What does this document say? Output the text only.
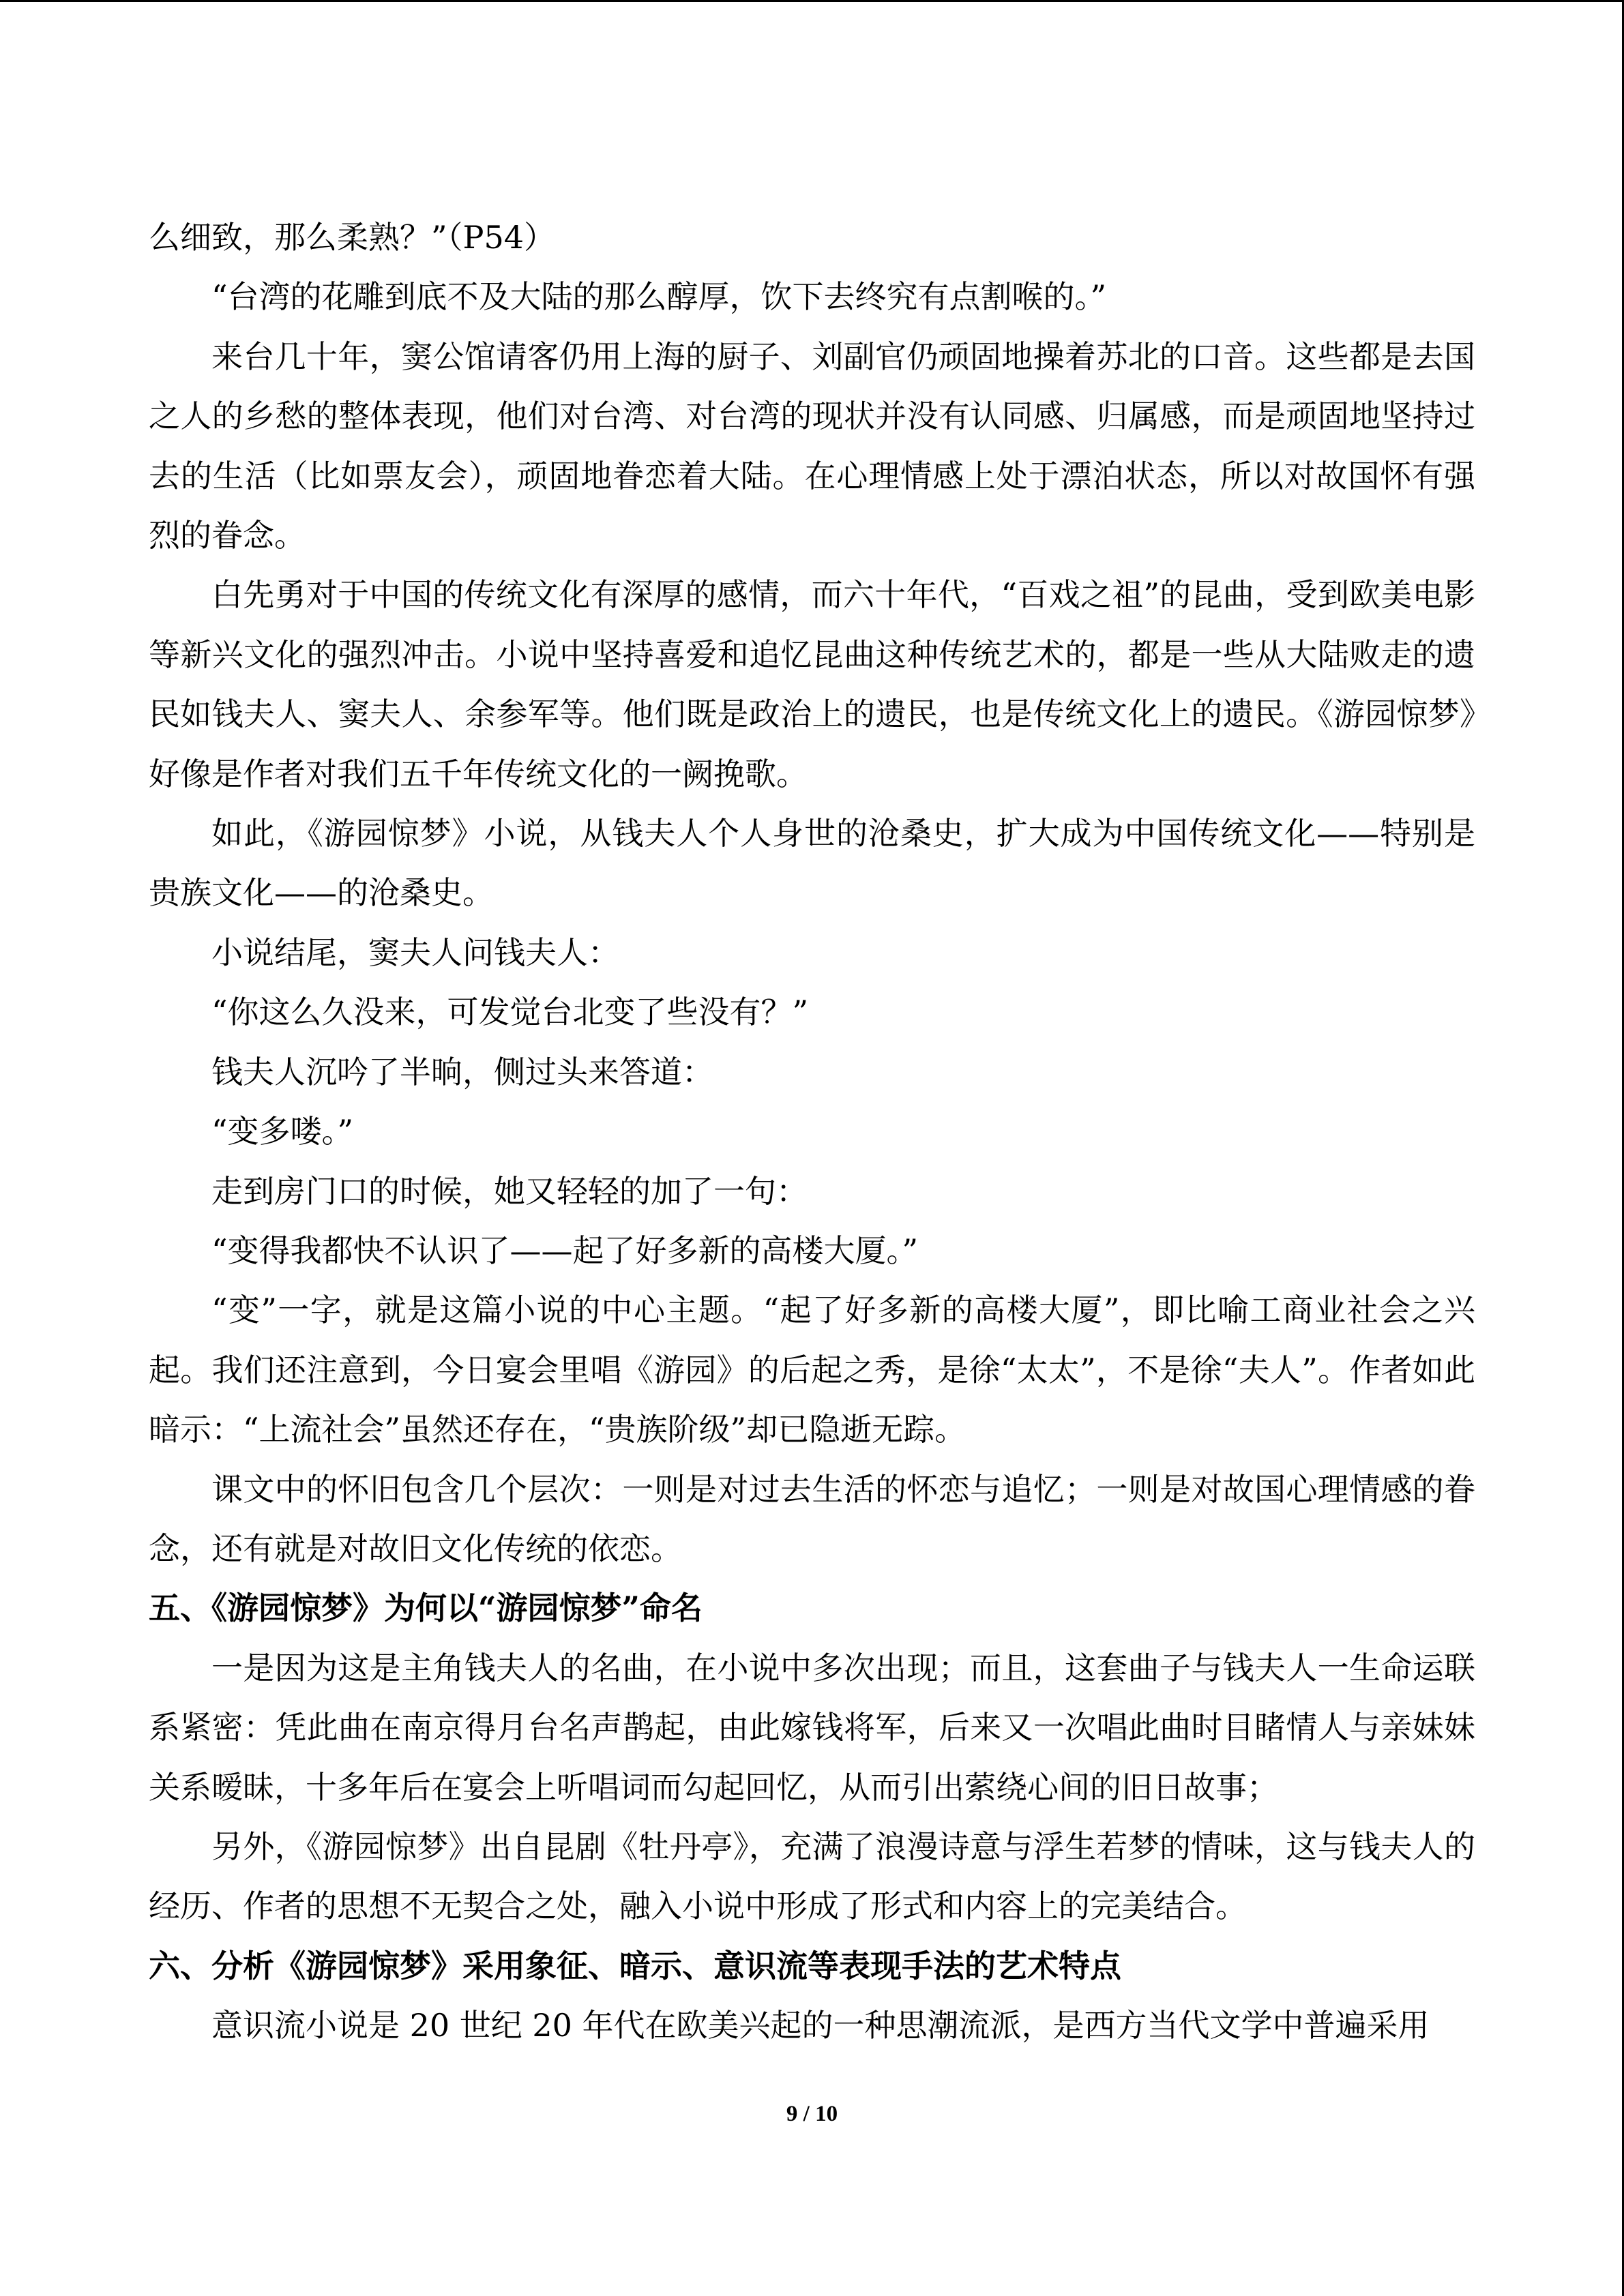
么细致，那么柔熟？”（P54）

“台湾的花雕到底不及大陆的那么醇厚，饮下去终究有点割喉的。”

来台几十年，窦公馆请客仍用上海的厨子、刘副官仍顽固地操着苏北的口音。这些都是去国之人的乡愁的整体表现，他们对台湾、对台湾的现状并没有认同感、归属感，而是顽固地坚持过去的生活（比如票友会），顽固地眷恋着大陆。在心理情感上处于漂泊状态，所以对故国怀有强烈的眷念。

白先勇对于中国的传统文化有深厚的感情，而六十年代，“百戏之祖”的昆曲，受到欧美电影等新兴文化的强烈冲击。小说中坚持喜爱和追忆昆曲这种传统艺术的，都是一些从大陆败走的遗民如钱夫人、窦夫人、余参军等。他们既是政治上的遗民，也是传统文化上的遗民。《游园惊梦》好像是作者对我们五千年传统文化的一阙挽歌。

如此，《游园惊梦》小说，从钱夫人个人身世的沧桑史，扩大成为中国传统文化——特别是贵族文化——的沧桑史。

小说结尾，窦夫人问钱夫人：

“你这么久没来，可发觉台北变了些没有？”

钱夫人沉吟了半晌，侧过头来答道：

“变多喽。”

走到房门口的时候，她又轻轻的加了一句：

“变得我都快不认识了——起了好多新的高楼大厦。”

“变”一字，就是这篇小说的中心主题。“起了好多新的高楼大厦”，即比喻工商业社会之兴起。我们还注意到，今日宴会里唱《游园》的后起之秀，是徐“太太”，不是徐“夫人”。作者如此暗示：“上流社会”虽然还存在，“贵族阶级”却已隐逝无踪。

课文中的怀旧包含几个层次：一则是对过去生活的怀恋与追忆；一则是对故国心理情感的眷念，还有就是对故旧文化传统的依恋。

五、《游园惊梦》为何以“游园惊梦”命名

一是因为这是主角钱夫人的名曲，在小说中多次出现；而且，这套曲子与钱夫人一生命运联系紧密：凭此曲在南京得月台名声鹊起，由此嫁钱将军，后来又一次唱此曲时目睹情人与亲妹妹关系暧昧，十多年后在宴会上听唱词而勾起回忆，从而引出萦绕心间的旧日故事；

另外，《游园惊梦》出自昆剧《牡丹亭》，充满了浪漫诗意与浮生若梦的情味，这与钱夫人的经历、作者的思想不无契合之处，融入小说中形成了形式和内容上的完美结合。

六、分析《游园惊梦》采用象征、暗示、意识流等表现手法的艺术特点

意识流小说是 20 世纪 20 年代在欧美兴起的一种思潮流派，是西方当代文学中普遍采用

9 / 10
